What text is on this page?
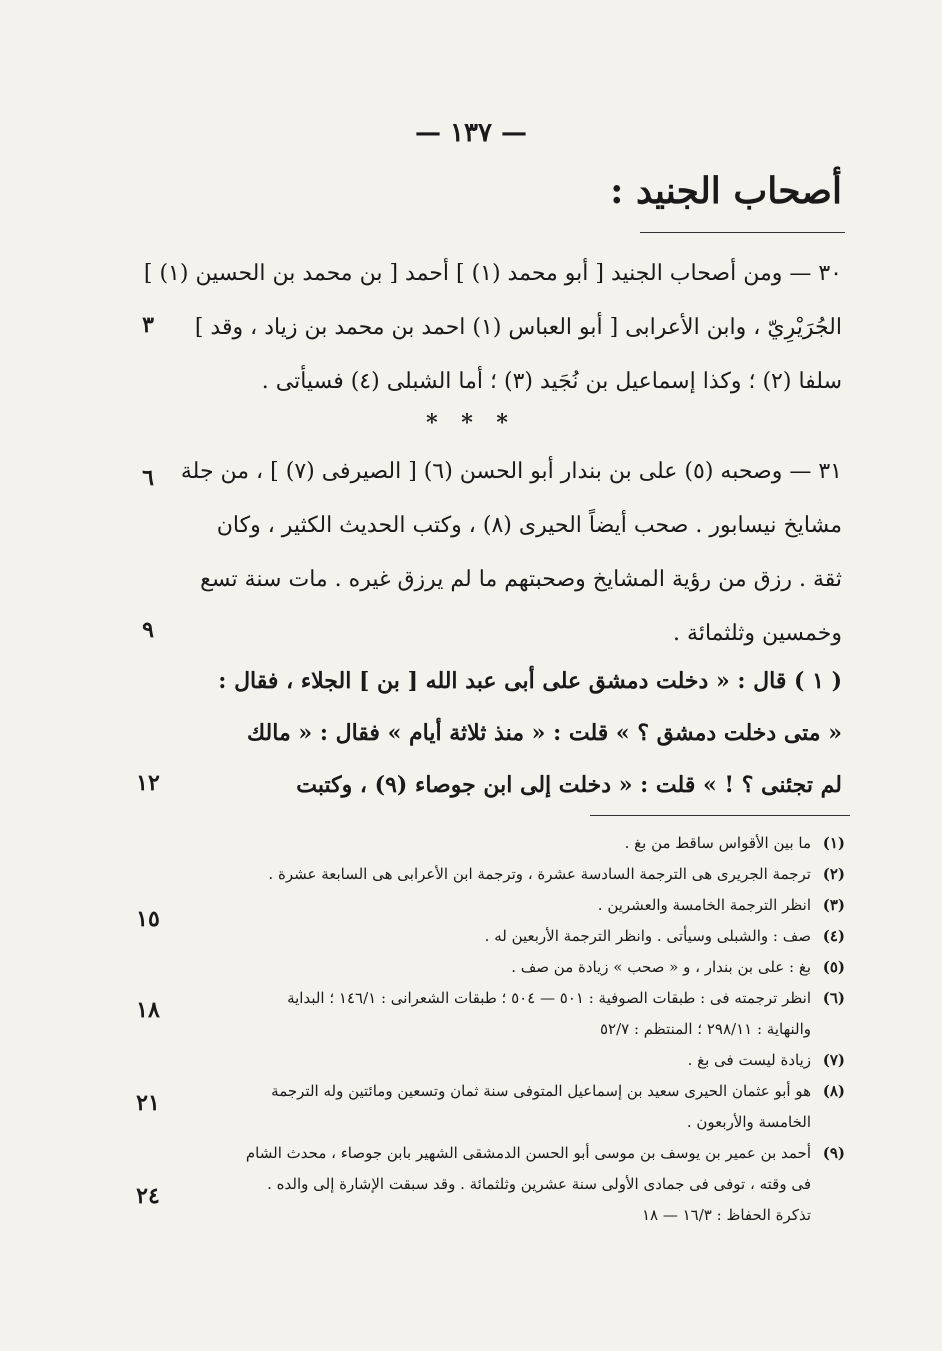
— ١٣٧ —
أصحاب الجنيد :
٣٠ — ومن أصحاب الجنيد [ أبو محمد (١) ] أحمد [ بن محمد بن الحسين (١) ]
الجُرَيْرِيّ ، وابن الأعرابى [ أبو العباس (١) احمد بن محمد بن زياد ، وقد ]
سلفا (٢) ؛ وكذا إسماعيل بن نُجَيد (٣) ؛ أما الشبلى (٤) فسيأتى .
* * *
٣١ — وصحبه (٥) على بن بندار أبو الحسن (٦) [ الصيرفى (٧) ] ، من جلة
مشايخ نيسابور . صحب أيضاً الحيرى (٨) ، وكتب الحديث الكثير ، وكان
ثقة . رزق من رؤية المشايخ وصحبتهم ما لم يرزق غيره . مات سنة تسع
وخمسين وثلثمائة .
( ١ ) قال : « دخلت دمشق على أبى عبد الله [ بن ] الجلاء ، فقال :
« متى دخلت دمشق ؟ » قلت : « منذ ثلاثة أيام » فقال : « مالك
لم تجئنى ؟ ! » قلت : « دخلت إلى ابن جوصاء (٩) ، وكتبت
٣
٦
٩
١٢
١٥
١٨
٢١
٢٤
(١)
ما بين الأقواس ساقط من بغ .
(٢)
ترجمة الجريرى هى الترجمة السادسة عشرة ، وترجمة ابن الأعرابى هى السابعة عشرة .
(٣)
انظر الترجمة الخامسة والعشرين .
(٤)
صف : والشبلى وسيأتى . وانظر الترجمة الأربعين له .
(٥)
بغ : على بن بندار ، و « صحب » زيادة من صف .
(٦)
انظر ترجمته فى : طبقات الصوفية : ٥٠١ — ٥٠٤ ؛ طبقات الشعرانى : ١٤٦/١ ؛ البداية
والنهاية : ٢٩٨/١١ ؛ المنتظم : ٥٢/٧
(٧)
زيادة ليست فى بغ .
(٨)
هو أبو عثمان الحيرى سعيد بن إسماعيل المتوفى سنة ثمان وتسعين ومائتين وله الترجمة
الخامسة والأربعون .
(٩)
أحمد بن عمير بن يوسف بن موسى أبو الحسن الدمشقى الشهير بابن جوصاء ، محدث الشام
فى وقته ، توفى فى جمادى الأولى سنة عشرين وثلثمائة . وقد سبقت الإشارة إلى والده .
تذكرة الحفاظ : ١٦/٣ — ١٨
